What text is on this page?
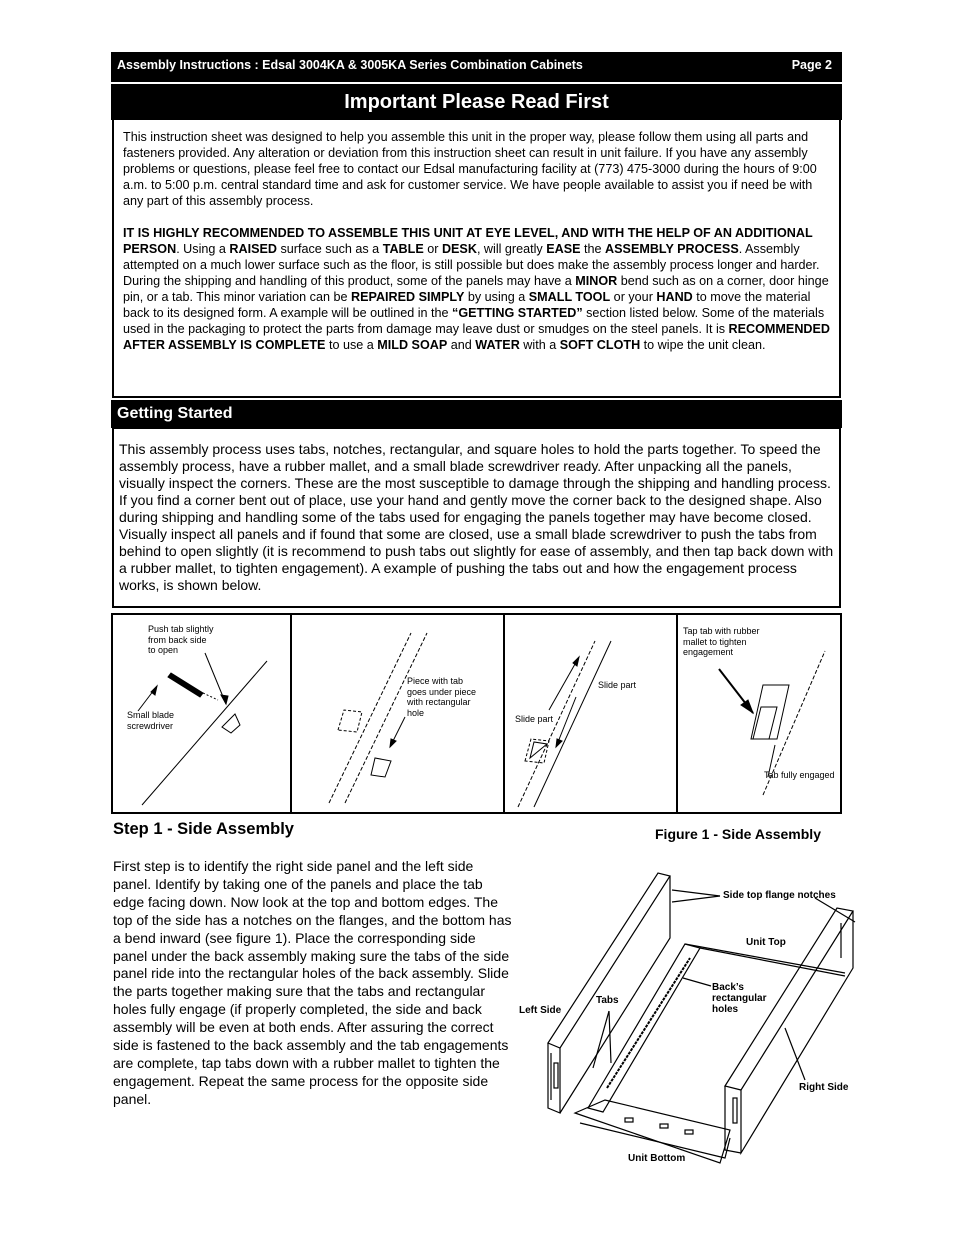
Assembly Instructions : Edsal 3004KA & 3005KA Series Combination Cabinets	Page 2
Important Please Read First
This instruction sheet was designed to help you assemble this unit in the proper way, please follow them using all parts and fasteners provided. Any alteration or deviation from this instruction sheet can result in unit failure. If you have any assembly problems or questions, please feel free to contact our Edsal manufacturing facility at (773) 475-3000 during the hours of 9:00 a.m. to 5:00 p.m. central standard time and ask for customer service. We have people available to assist you if need be with any part of this assembly process.
IT IS HIGHLY RECOMMENDED TO ASSEMBLE THIS UNIT AT EYE LEVEL, AND WITH THE HELP OF AN ADDITIONAL PERSON. Using a RAISED surface such as a TABLE or DESK, will greatly EASE the ASSEMBLY PROCESS. Assembly attempted on a much lower surface such as the floor, is still possible but does make the assembly process longer and harder. During the shipping and handling of this product, some of the panels may have a MINOR bend such as on a corner, door hinge pin, or a tab. This minor variation can be REPAIRED SIMPLY by using a SMALL TOOL or your HAND to move the material back to its designed form. A example will be outlined in the “GETTING STARTED” section listed below. Some of the materials used in the packaging to protect the parts from damage may leave dust or smudges on the steel panels. It is RECOMMENDED AFTER ASSEMBLY IS COMPLETE to use a MILD SOAP and WATER with a SOFT CLOTH to wipe the unit clean.
Getting Started
This assembly process uses tabs, notches, rectangular, and square holes to hold the parts together. To speed the assembly process, have a rubber mallet, and a small blade screwdriver ready. After unpacking all the panels, visually inspect the corners. These are the most susceptible to damage through the shipping and handling process. If you find a corner bent out of place, use your hand and gently move the corner back to the designed shape. Also during shipping and handling some of the tabs used for engaging the panels together may have become closed. Visually inspect all panels and if found that some are closed, use a small blade screwdriver to push the tabs from behind to open slightly (it is recommend to push tabs out slightly for ease of assembly, and then tap back down with a rubber mallet, to tighten engagement). A example of pushing the tabs out and how the engagement process works, is shown below.
Push tab slightly
from back side
to open
Small blade
screwdriver
Piece with tab
goes under piece
with rectangular
hole
Slide part
Slide part
Tap tab with rubber
mallet to tighten
engagement
Tab fully engaged
Step 1 - Side Assembly	Figure 1 - Side Assembly
First step is to identify the right side panel and the left side panel. Identify by taking one of the panels and place the tab edge facing down. Now look at the top and bottom edges. The top of the side has a notches on the flanges, and the bottom has a bend inward (see figure 1). Place the corresponding side panel under the back assembly making sure the tabs of the side panel ride into the rectangular holes of the back assembly. Slide the parts together making sure that the tabs and rectangular holes fully engage (if properly completed, the side and back assembly will be even at both ends. After assuring the correct side is fastened to the back assembly and the tab engagements are complete, tap tabs down with a rubber mallet to tighten the engagement. Repeat the same process for the opposite side panel.
Side top flange notches
Unit Top
Back’s
rectangular
holes
Tabs
Left Side
Right Side
Unit Bottom
